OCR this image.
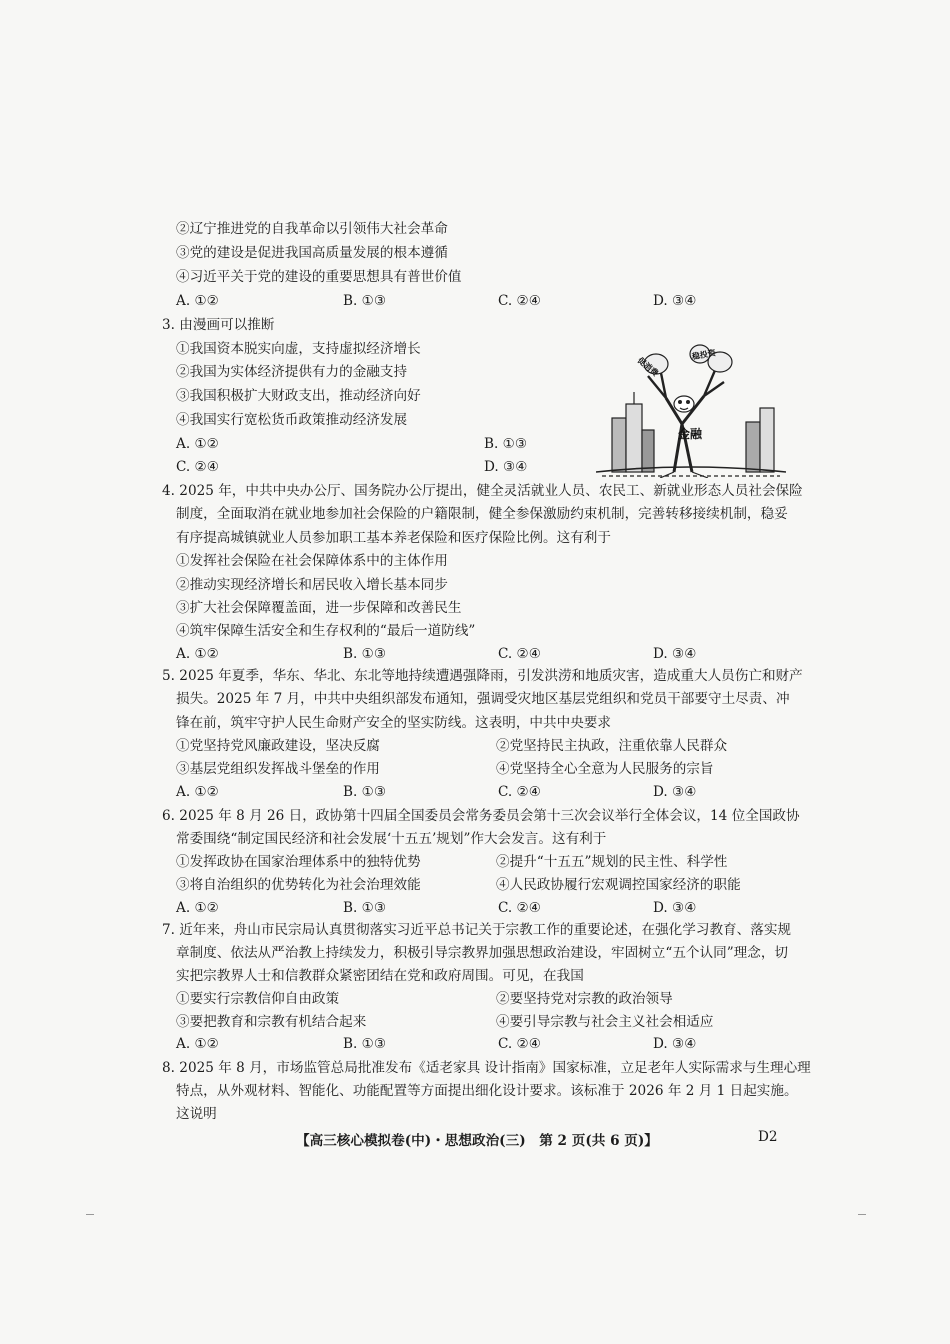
②辽宁推进党的自我革命以引领伟大社会革命
③党的建设是促进我国高质量发展的根本遵循
④习近平关于党的建设的重要思想具有普世价值
A. ①②	B. ①③	C. ②④	D. ③④
3. 由漫画可以推断
①我国资本脱实向虚，支持虚拟经济增长
②我国为实体经济提供有力的金融支持
③我国积极扩大财政支出，推动经济向好
④我国实行宽松货币政策推动经济发展
A. ①②	B. ①③
C. ②④	D. ③④
稳投资
促消费
金融
4. 2025 年，中共中央办公厅、国务院办公厅提出，健全灵活就业人员、农民工、新就业形态人员社会保险
制度，全面取消在就业地参加社会保险的户籍限制，健全参保激励约束机制，完善转移接续机制，稳妥
有序提高城镇就业人员参加职工基本养老保险和医疗保险比例。这有利于
①发挥社会保险在社会保障体系中的主体作用
②推动实现经济增长和居民收入增长基本同步
③扩大社会保障覆盖面，进一步保障和改善民生
④筑牢保障生活安全和生存权利的“最后一道防线”
A. ①②	B. ①③	C. ②④	D. ③④
5. 2025 年夏季，华东、华北、东北等地持续遭遇强降雨，引发洪涝和地质灾害，造成重大人员伤亡和财产
损失。2025 年 7 月，中共中央组织部发布通知，强调受灾地区基层党组织和党员干部要守土尽责、冲
锋在前，筑牢守护人民生命财产安全的坚实防线。这表明，中共中央要求
①党坚持党风廉政建设，坚决反腐	②党坚持民主执政，注重依靠人民群众
③基层党组织发挥战斗堡垒的作用	④党坚持全心全意为人民服务的宗旨
A. ①②	B. ①③	C. ②④	D. ③④
6. 2025 年 8 月 26 日，政协第十四届全国委员会常务委员会第十三次会议举行全体会议，14 位全国政协
常委围绕“制定国民经济和社会发展‘十五五’规划”作大会发言。这有利于
①发挥政协在国家治理体系中的独特优势	②提升“十五五”规划的民主性、科学性
③将自治组织的优势转化为社会治理效能	④人民政协履行宏观调控国家经济的职能
A. ①②	B. ①③	C. ②④	D. ③④
7. 近年来，舟山市民宗局认真贯彻落实习近平总书记关于宗教工作的重要论述，在强化学习教育、落实规
章制度、依法从严治教上持续发力，积极引导宗教界加强思想政治建设，牢固树立“五个认同”理念，切
实把宗教界人士和信教群众紧密团结在党和政府周围。可见，在我国
①要实行宗教信仰自由政策	②要坚持党对宗教的政治领导
③要把教育和宗教有机结合起来	④要引导宗教与社会主义社会相适应
A. ①②	B. ①③	C. ②④	D. ③④
8. 2025 年 8 月，市场监管总局批准发布《适老家具 设计指南》国家标准，立足老年人实际需求与生理心理
特点，从外观材料、智能化、功能配置等方面提出细化设计要求。该标准于 2026 年 2 月 1 日起实施。
这说明
【高三核心模拟卷(中)・思想政治(三)　第 2 页(共 6 页)】	D2
